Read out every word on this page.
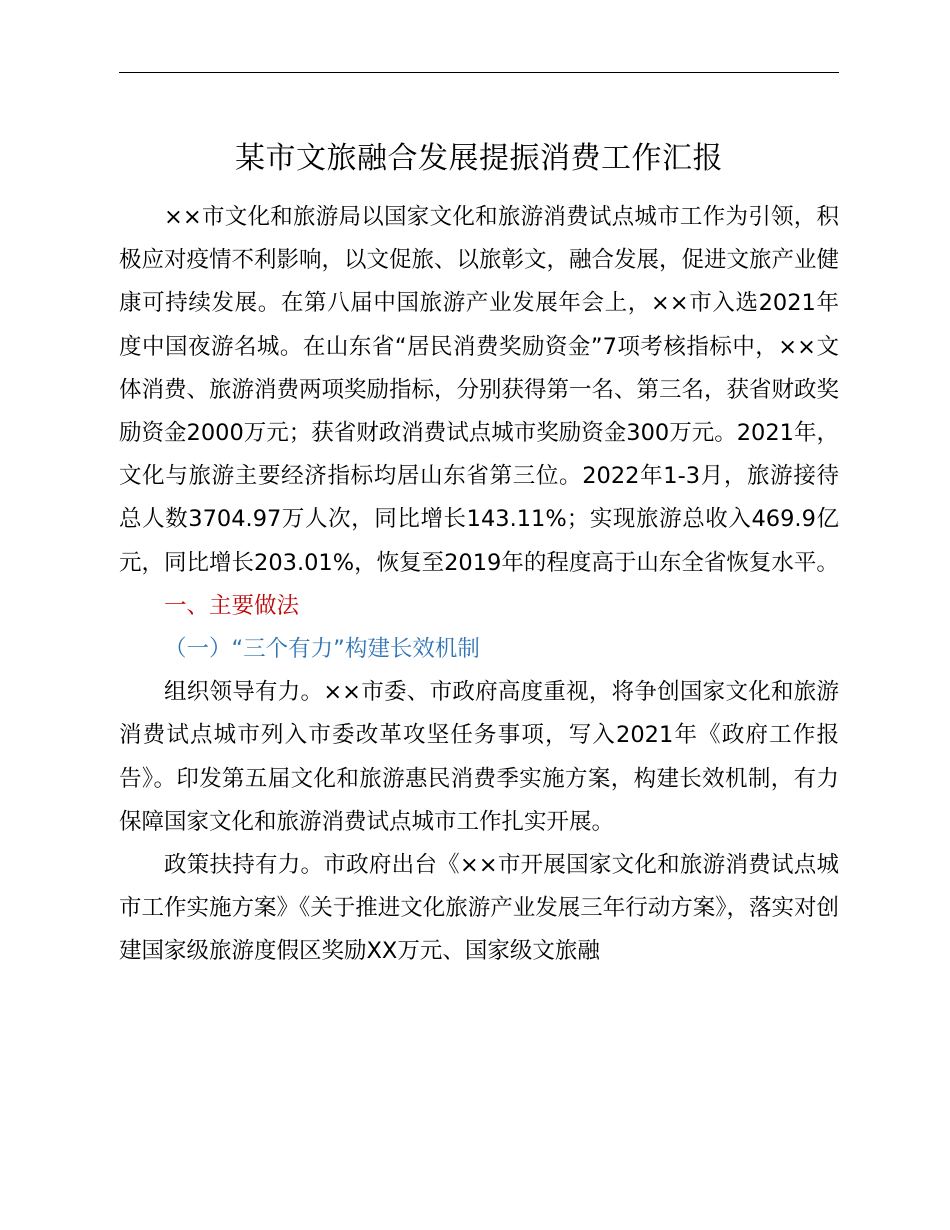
某市文旅融合发展提振消费工作汇报

××市文化和旅游局以国家文化和旅游消费试点城市工作为引领，积极应对疫情不利影响，以文促旅、以旅彰文，融合发展，促进文旅产业健康可持续发展。在第八届中国旅游产业发展年会上，××市入选2021年度中国夜游名城。在山东省“居民消费奖励资金”7项考核指标中，××文体消费、旅游消费两项奖励指标，分别获得第一名、第三名，获省财政奖励资金2000万元；获省财政消费试点城市奖励资金300万元。2021年，文化与旅游主要经济指标均居山东省第三位。2022年1-3月，旅游接待总人数3704.97万人次，同比增长143.11%；实现旅游总收入469.9亿元，同比增长203.01%，恢复至2019年的程度高于山东全省恢复水平。

一、主要做法

（一）“三个有力”构建长效机制

组织领导有力。××市委、市政府高度重视，将争创国家文化和旅游消费试点城市列入市委改革攻坚任务事项，写入2021年《政府工作报告》。印发第五届文化和旅游惠民消费季实施方案，构建长效机制，有力保障国家文化和旅游消费试点城市工作扎实开展。

政策扶持有力。市政府出台《××市开展国家文化和旅游消费试点城市工作实施方案》《关于推进文化旅游产业发展三年行动方案》，落实对创建国家级旅游度假区奖励XX万元、国家级文旅融
